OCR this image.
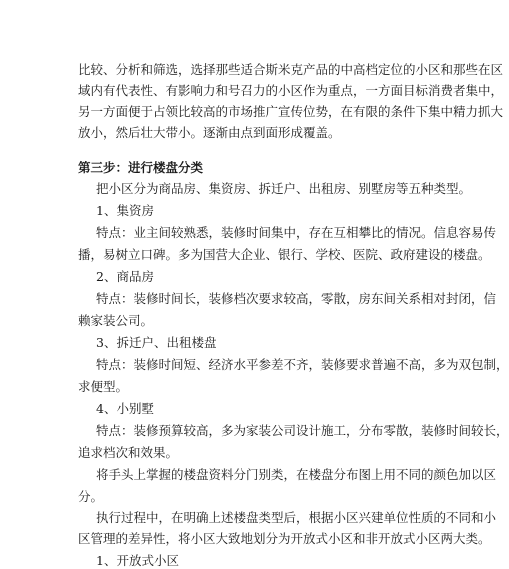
比较、分析和筛选，选择那些适合斯米克产品的中高档定位的小区和那些在区
域内有代表性、有影响力和号召力的小区作为重点，一方面目标消费者集中，
另一方面便于占领比较高的市场推广宣传位势，在有限的条件下集中精力抓大
放小，然后壮大带小。逐渐由点到面形成覆盖。
第三步：进行楼盘分类
把小区分为商品房、集资房、拆迁户、出租房、别墅房等五种类型。
1、集资房
特点：业主间较熟悉，装修时间集中，存在互相攀比的情况。信息容易传
播，易树立口碑。多为国营大企业、银行、学校、医院、政府建设的楼盘。
2、商品房
特点：装修时间长，装修档次要求较高，零散，房东间关系相对封闭，信
赖家装公司。
3、拆迁户、出租楼盘
特点：装修时间短、经济水平参差不齐，装修要求普遍不高，多为双包制，
求便型。
4、小别墅
特点：装修预算较高，多为家装公司设计施工，分布零散，装修时间较长，
追求档次和效果。
将手头上掌握的楼盘资料分门别类，在楼盘分布图上用不同的颜色加以区
分。
执行过程中，在明确上述楼盘类型后，根据小区兴建单位性质的不同和小
区管理的差异性，将小区大致地划分为开放式小区和非开放式小区两大类。
1、开放式小区
